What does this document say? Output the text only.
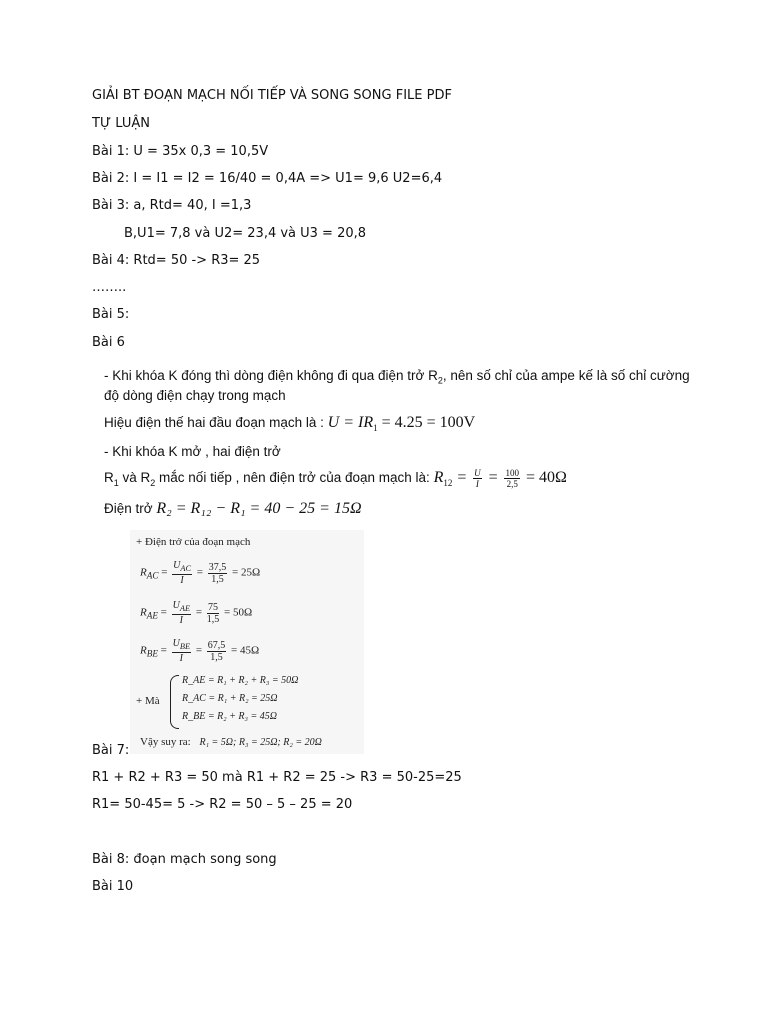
GIẢI BT ĐOẠN MẠCH NỐI TIẾP VÀ SONG SONG FILE PDF
TỰ LUẬN
Bài 1: U = 35x 0,3 = 10,5V
Bài 2: I = I1 = I2 = 16/40 = 0,4A => U1= 9,6 U2=6,4
Bài 3: a, Rtd= 40, I =1,3
B,U1= 7,8 và U2= 23,4 và U3 = 20,8
Bài 4: Rtd= 50 -> R3= 25
……..
Bài 5:
Bài 6
- Khi khóa K đóng thì dòng điện không đi qua điện trở $R_2$, nên số chỉ của ampe kế là số chỉ cường
độ dòng điện chạy trong mạch
Hiệu điện thế hai đầu đoạn mạch là : $U = IR_1 = 4.25 = 100V$
- Khi khóa K mở , hai điện trở
$R_1$ và $R_2$ mắc nối tiếp , nên điện trở của đoạn mạch là: $R_{12} = \frac{U}{I} = \frac{100}{2,5} = 40\Omega$
Điện trở R₂ = R₁₂ − R₁ = 40 − 25 = 15Ω
+ Điện trở của đoạn mạch
$R_{AC}$ =
$U_{AC}$
I
= $\frac{37,5}{1,5} = 25\Omega$
$R_{AE}$ =
$U_{AE}$
I
= $\frac{75}{1,5} = 50\Omega$
$R_{BE}$ =
$U_{BE}$
I
= $\frac{67,5}{1,5} = 45\Omega$
+ Mà
R_AE = R₁ + R₂ + R₃ = 50Ω
R_AC = R₁ + R₂ = 25Ω
R_BE = R₂ + R₃ = 45Ω
Vậy suy ra: R₁ = 5Ω; R₃ = 25Ω; R₂ = 20Ω
Bài 7:
R1 + R2 + R3 = 50 mà R1 + R2 = 25 -> R3 = 50-25=25
R1= 50-45= 5 -> R2 = 50 – 5 – 25 = 20
Bài 8: đoạn mạch song song
Bài 10
